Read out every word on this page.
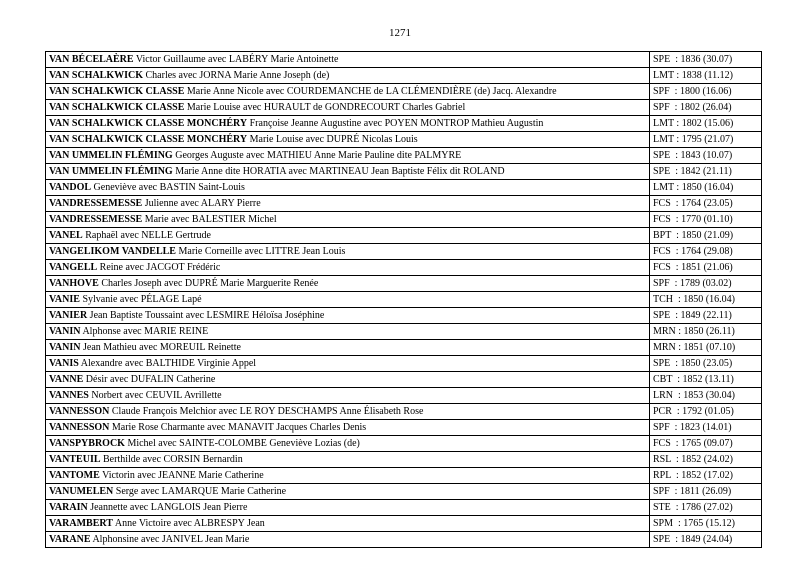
1271
VAN BÉCELAÈRE Victor Guillaume avec LABÉRY Marie Antoinette	SPE  : 1836 (30.07)
VAN SCHALKWICK Charles avec JORNA Marie Anne Joseph (de)	LMT : 1838 (11.12)
VAN SCHALKWICK CLASSE Marie Anne Nicole avec COURDEMANCHE de LA CLÉMENDIÈRE (de) Jacq. Alexandre	SPF  : 1800 (16.06)
VAN SCHALKWICK CLASSE Marie Louise avec HURAULT de GONDRECOURT Charles Gabriel	SPF  : 1802 (26.04)
VAN SCHALKWICK CLASSE MONCHÉRY Françoise Jeanne Augustine avec POYEN MONTROP Mathieu Augustin	LMT : 1802 (15.06)
VAN SCHALKWICK CLASSE MONCHÉRY Marie Louise avec DUPRÉ Nicolas Louis	LMT : 1795 (21.07)
VAN UMMELIN FLÉMING Georges Auguste avec MATHIEU Anne Marie Pauline dite PALMYRE	SPE  : 1843 (10.07)
VAN UMMELIN FLÉMING Marie Anne dite HORATIA avec MARTINEAU Jean Baptiste Félix dit ROLAND	SPE  : 1842 (21.11)
VANDOL Geneviève avec BASTIN Saint-Louis	LMT : 1850 (16.04)
VANDRESSEMESSE Julienne avec ALARY Pierre	FCS  : 1764 (23.05)
VANDRESSEMESSE Marie avec BALESTIER Michel	FCS  : 1770 (01.10)
VANEL Raphaël avec NELLE Gertrude	BPT  : 1850 (21.09)
VANGELIKOM VANDELLE Marie Corneille avec LITTRE Jean Louis	FCS  : 1764 (29.08)
VANGELL Reine avec JACGOT Frédéric	FCS  : 1851 (21.06)
VANHOVE Charles Joseph avec DUPRÉ Marie Marguerite Renée	SPF  : 1789 (03.02)
VANIE Sylvanie avec PÉLAGE Lapé	TCH  : 1850 (16.04)
VANIER Jean Baptiste Toussaint avec LESMIRE Héloïsa Joséphine	SPE  : 1849 (22.11)
VANIN Alphonse avec MARIE REINE	MRN : 1850 (26.11)
VANIN Jean Mathieu avec MOREUIL Reinette	MRN : 1851 (07.10)
VANIS Alexandre avec BALTHIDE Virginie Appel	SPE  : 1850 (23.05)
VANNE Désir avec DUFALIN Catherine	CBT  : 1852 (13.11)
VANNES Norbert avec CEUVIL Avrillette	LRN  : 1853 (30.04)
VANNESSON Claude François Melchior avec LE ROY DESCHAMPS Anne Élisabeth Rose	PCR  : 1792 (01.05)
VANNESSON Marie Rose Charmante avec MANAVIT Jacques Charles Denis	SPF  : 1823 (14.01)
VANSPYBROCK Michel avec SAINTE-COLOMBE Geneviève Lozias (de)	FCS  : 1765 (09.07)
VANTEUIL Berthilde avec CORSIN Bernardin	RSL  : 1852 (24.02)
VANTOME Victorin avec JEANNE Marie Catherine	RPL  : 1852 (17.02)
VANUMELEN Serge avec LAMARQUE Marie Catherine	SPF  : 1811 (26.09)
VARAIN Jeannette avec LANGLOIS Jean Pierre	STE  : 1786 (27.02)
VARAMBERT Anne Victoire avec ALBRESPY Jean	SPM  : 1765 (15.12)
VARANE Alphonsine avec JANIVEL Jean Marie	SPE  : 1849 (24.04)
